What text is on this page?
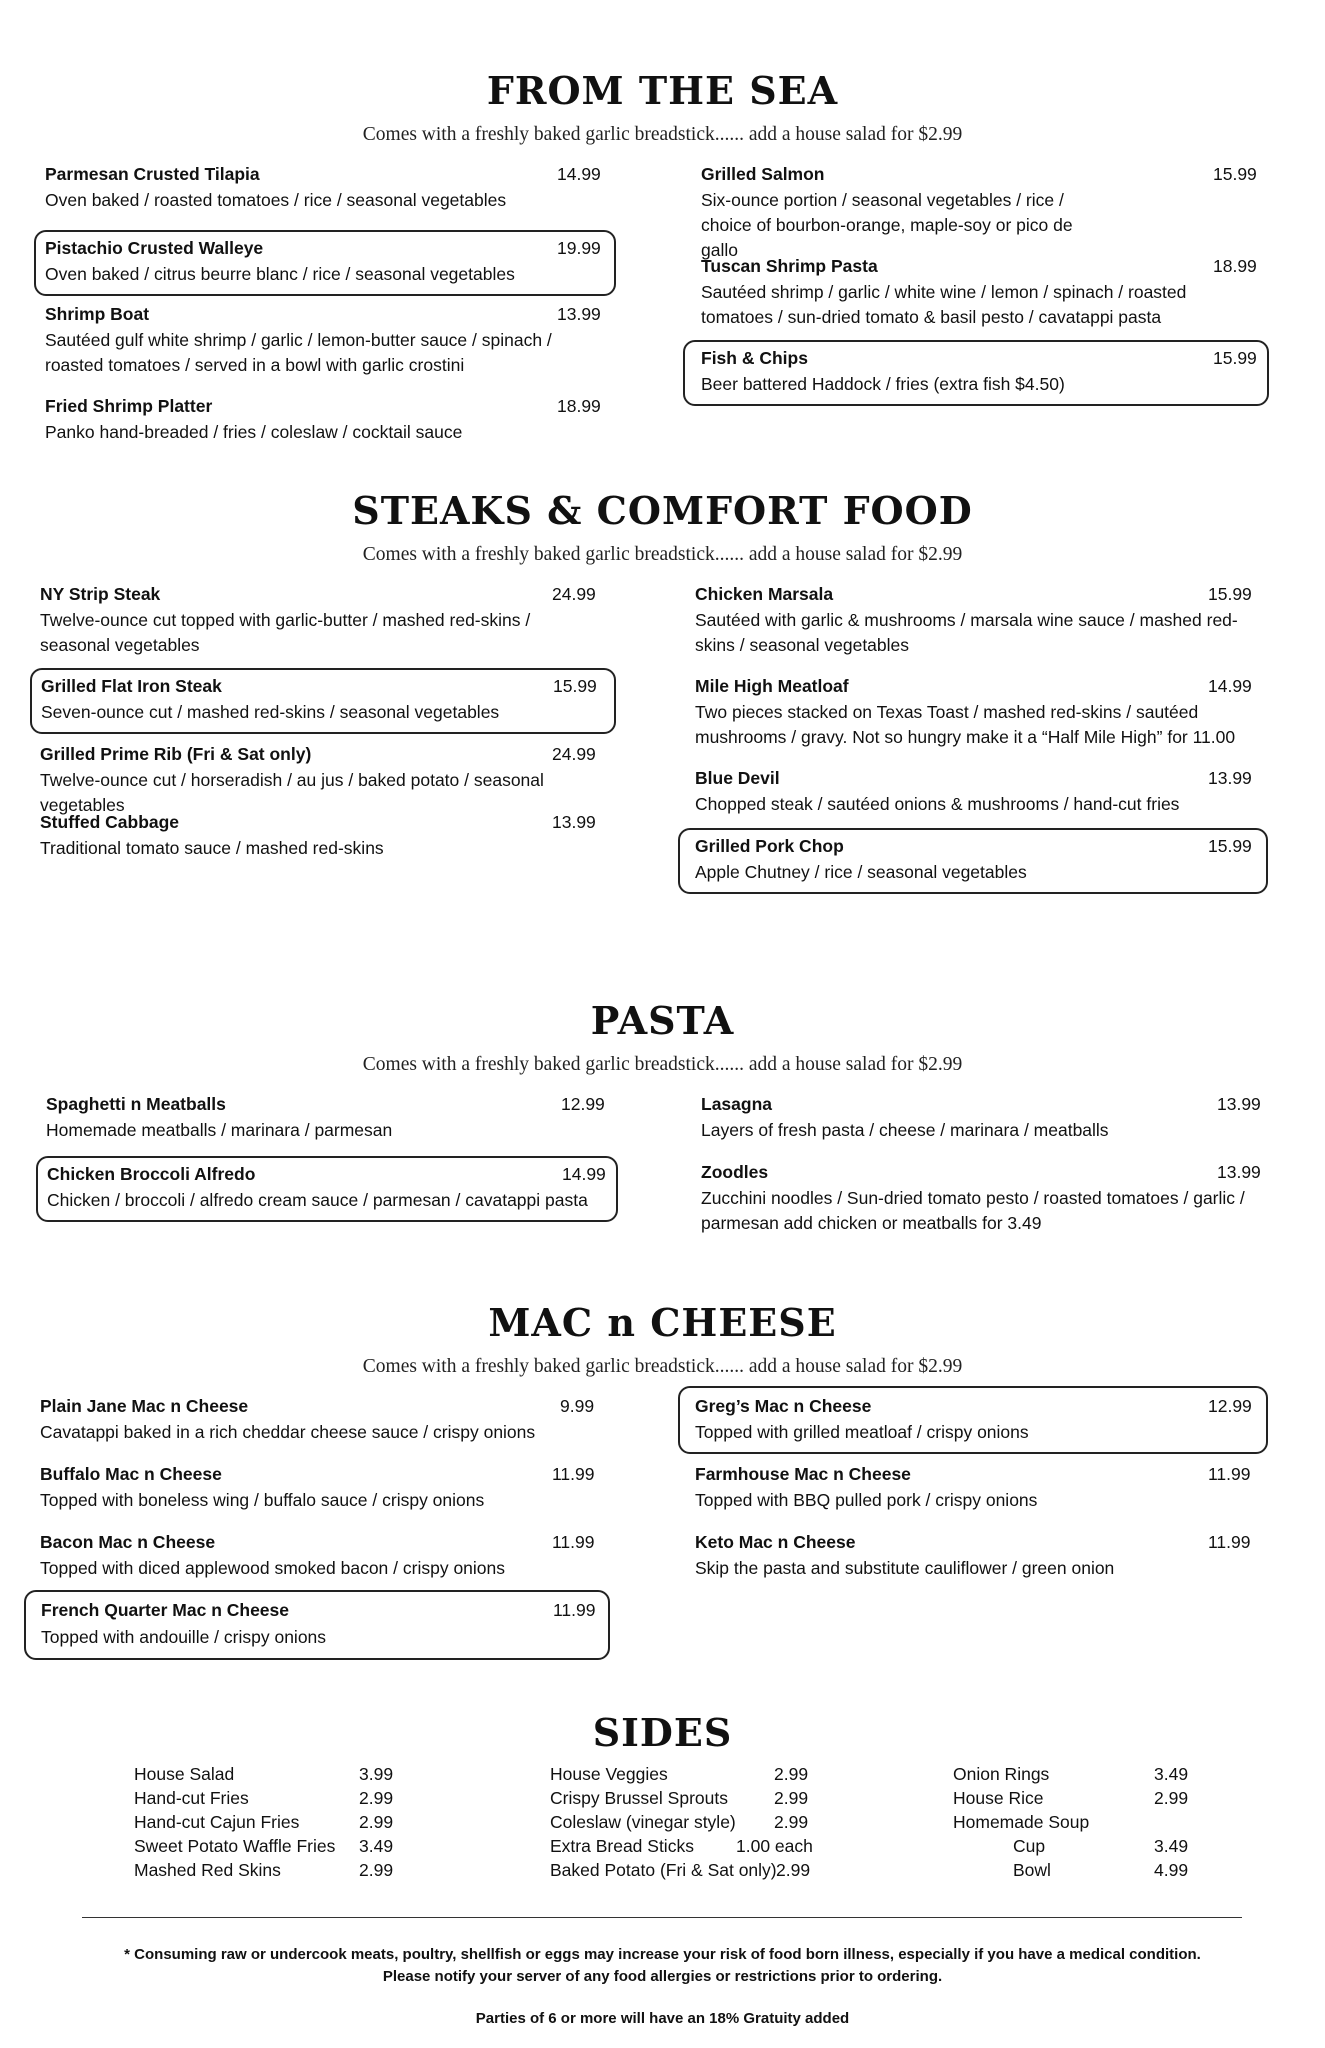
FROM THE SEA
Comes with a freshly baked garlic breadstick...... add a house salad for $2.99
Parmesan Crusted Tilapia	14.99
Oven baked / roasted tomatoes / rice / seasonal vegetables
Pistachio Crusted Walleye	19.99
Oven baked / citrus beurre blanc / rice / seasonal vegetables
Shrimp Boat	13.99
Sautéed gulf white shrimp / garlic / lemon-butter sauce / spinach / roasted tomatoes / served in a bowl with garlic crostini
Fried Shrimp Platter	18.99
Panko hand-breaded / fries / coleslaw / cocktail sauce
Grilled Salmon	15.99
Six-ounce portion / seasonal vegetables / rice / choice of bourbon-orange, maple-soy or pico de gallo
Tuscan Shrimp Pasta	18.99
Sautéed shrimp / garlic / white wine / lemon / spinach / roasted tomatoes / sun-dried tomato & basil pesto / cavatappi pasta
Fish & Chips	15.99
Beer battered Haddock / fries (extra fish $4.50)
STEAKS & COMFORT FOOD
Comes with a freshly baked garlic breadstick...... add a house salad for $2.99
NY Strip Steak	24.99
Twelve-ounce cut topped with garlic-butter / mashed red-skins / seasonal vegetables
Grilled Flat Iron Steak	15.99
Seven-ounce cut / mashed red-skins / seasonal vegetables
Grilled Prime Rib (Fri & Sat only)	24.99
Twelve-ounce cut / horseradish / au jus / baked potato / seasonal vegetables
Stuffed Cabbage	13.99
Traditional tomato sauce / mashed red-skins
Chicken Marsala	15.99
Sautéed with garlic & mushrooms / marsala wine sauce / mashed red-skins / seasonal vegetables
Mile High Meatloaf	14.99
Two pieces stacked on Texas Toast / mashed red-skins / sautéed mushrooms / gravy. Not so hungry make it a “Half Mile High” for 11.00
Blue Devil	13.99
Chopped steak / sautéed onions & mushrooms / hand-cut fries
Grilled Pork Chop	15.99
Apple Chutney / rice / seasonal vegetables
PASTA
Comes with a freshly baked garlic breadstick...... add a house salad for $2.99
Spaghetti n Meatballs	12.99
Homemade meatballs / marinara / parmesan
Chicken Broccoli Alfredo	14.99
Chicken / broccoli / alfredo cream sauce / parmesan / cavatappi pasta
Lasagna	13.99
Layers of fresh pasta / cheese / marinara / meatballs
Zoodles	13.99
Zucchini noodles / Sun-dried tomato pesto / roasted tomatoes / garlic / parmesan add chicken or meatballs for 3.49
MAC n CHEESE
Comes with a freshly baked garlic breadstick...... add a house salad for $2.99
Plain Jane Mac n Cheese	9.99
Cavatappi baked in a rich cheddar cheese sauce / crispy onions
Buffalo Mac n Cheese	11.99
Topped with boneless wing / buffalo sauce / crispy onions
Bacon Mac n Cheese	11.99
Topped with diced applewood smoked bacon / crispy onions
French Quarter Mac n Cheese	11.99
Topped with andouille / crispy onions
Greg’s Mac n Cheese	12.99
Topped with grilled meatloaf / crispy onions
Farmhouse Mac n Cheese	11.99
Topped with BBQ pulled pork / crispy onions
Keto Mac n Cheese	11.99
Skip the pasta and substitute cauliflower / green onion
SIDES
House Salad	3.99
Hand-cut Fries	2.99
Hand-cut Cajun Fries	2.99
Sweet Potato Waffle Fries 3.49
Mashed Red Skins	2.99
House Veggies	2.99
Crispy Brussel Sprouts	2.99
Coleslaw (vinegar style) 2.99
Extra Bread Sticks 1.00 each
Baked Potato (Fri & Sat only) 2.99
Onion Rings	3.49
House Rice	2.99
Homemade Soup
Cup	3.49
Bowl	4.99
* Consuming raw or undercook meats, poultry, shellfish or eggs may increase your risk of food born illness, especially if you have a medical condition.
Please notify your server of any food allergies or restrictions prior to ordering.
Parties of 6 or more will have an 18% Gratuity added
